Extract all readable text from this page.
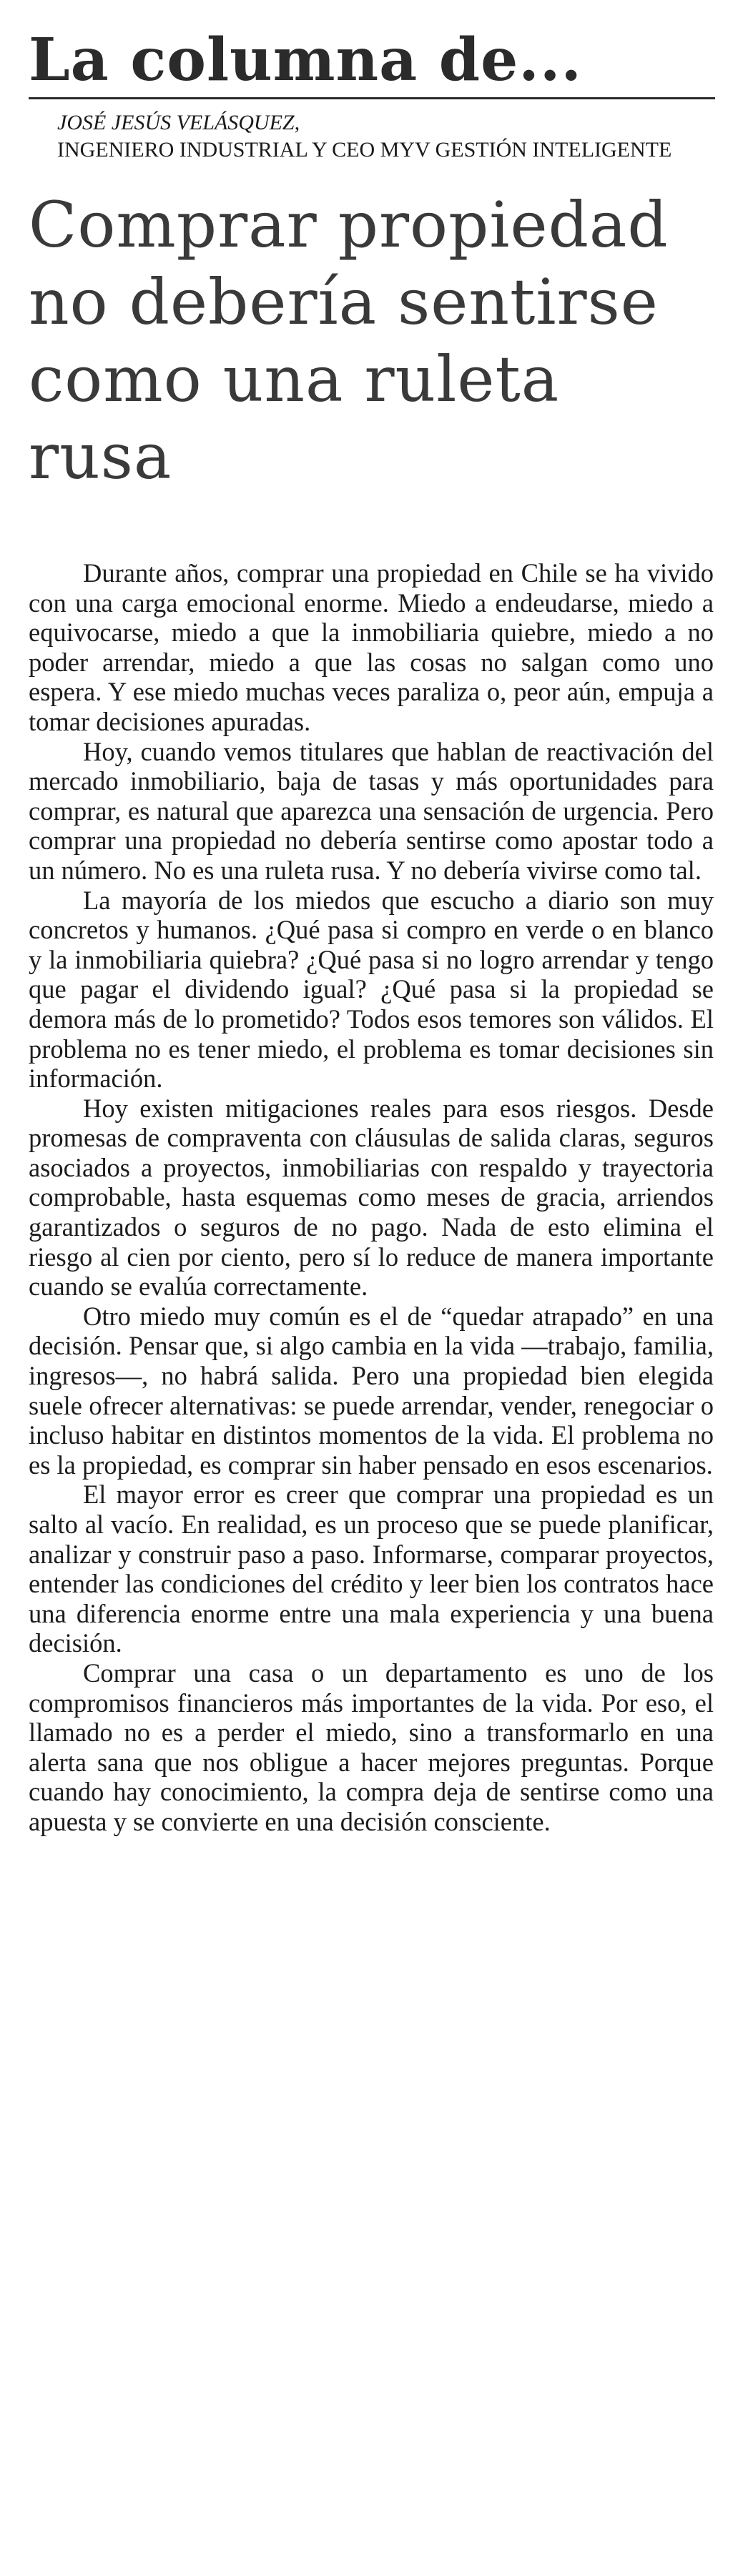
La columna de...
JOSÉ JESÚS VELÁSQUEZ,
INGENIERO INDUSTRIAL Y CEO MYV GESTIÓN INTELIGENTE
Comprar propiedad no debería sentirse como una ruleta rusa

Durante años, comprar una propiedad en Chile se ha vivido con una carga emocional enorme. Miedo a endeudarse, miedo a equivocarse, miedo a que la inmobiliaria quiebre, miedo a no poder arrendar, miedo a que las cosas no salgan como uno espera. Y ese miedo muchas veces paraliza o, peor aún, empuja a tomar decisiones apuradas.

Hoy, cuando vemos titulares que hablan de reactivación del mercado inmobiliario, baja de tasas y más oportunidades para comprar, es natural que aparezca una sensación de urgencia. Pero comprar una propiedad no debería sentirse como apostar todo a un número. No es una ruleta rusa. Y no debería vivirse como tal.

La mayoría de los miedos que escucho a diario son muy concretos y humanos. ¿Qué pasa si compro en verde o en blanco y la inmobiliaria quiebra? ¿Qué pasa si no logro arrendar y tengo que pagar el dividendo igual? ¿Qué pasa si la propiedad se demora más de lo prometido? Todos esos temores son válidos. El problema no es tener miedo, el problema es tomar decisiones sin información.

Hoy existen mitigaciones reales para esos riesgos. Desde promesas de compraventa con cláusulas de salida claras, seguros asociados a proyectos, inmobiliarias con respaldo y trayectoria comprobable, hasta esquemas como meses de gracia, arriendos garantizados o seguros de no pago. Nada de esto elimina el riesgo al cien por ciento, pero sí lo reduce de manera importante cuando se evalúa correctamente.

Otro miedo muy común es el de “quedar atrapado” en una decisión. Pensar que, si algo cambia en la vida —trabajo, familia, ingresos—, no habrá salida. Pero una propiedad bien elegida suele ofrecer alternativas: se puede arrendar, vender, renegociar o incluso habitar en distintos momentos de la vida. El problema no es la propiedad, es comprar sin haber pensado en esos escenarios.

El mayor error es creer que comprar una propiedad es un salto al vacío. En realidad, es un proceso que se puede planificar, analizar y construir paso a paso. Informarse, comparar proyectos, entender las condiciones del crédito y leer bien los contratos hace una diferencia enorme entre una mala experiencia y una buena decisión.

Comprar una casa o un departamento es uno de los compromisos financieros más importantes de la vida. Por eso, el llamado no es a perder el miedo, sino a transformarlo en una alerta sana que nos obligue a hacer mejores preguntas. Porque cuando hay conocimiento, la compra deja de sentirse como una apuesta y se convierte en una decisión consciente.
